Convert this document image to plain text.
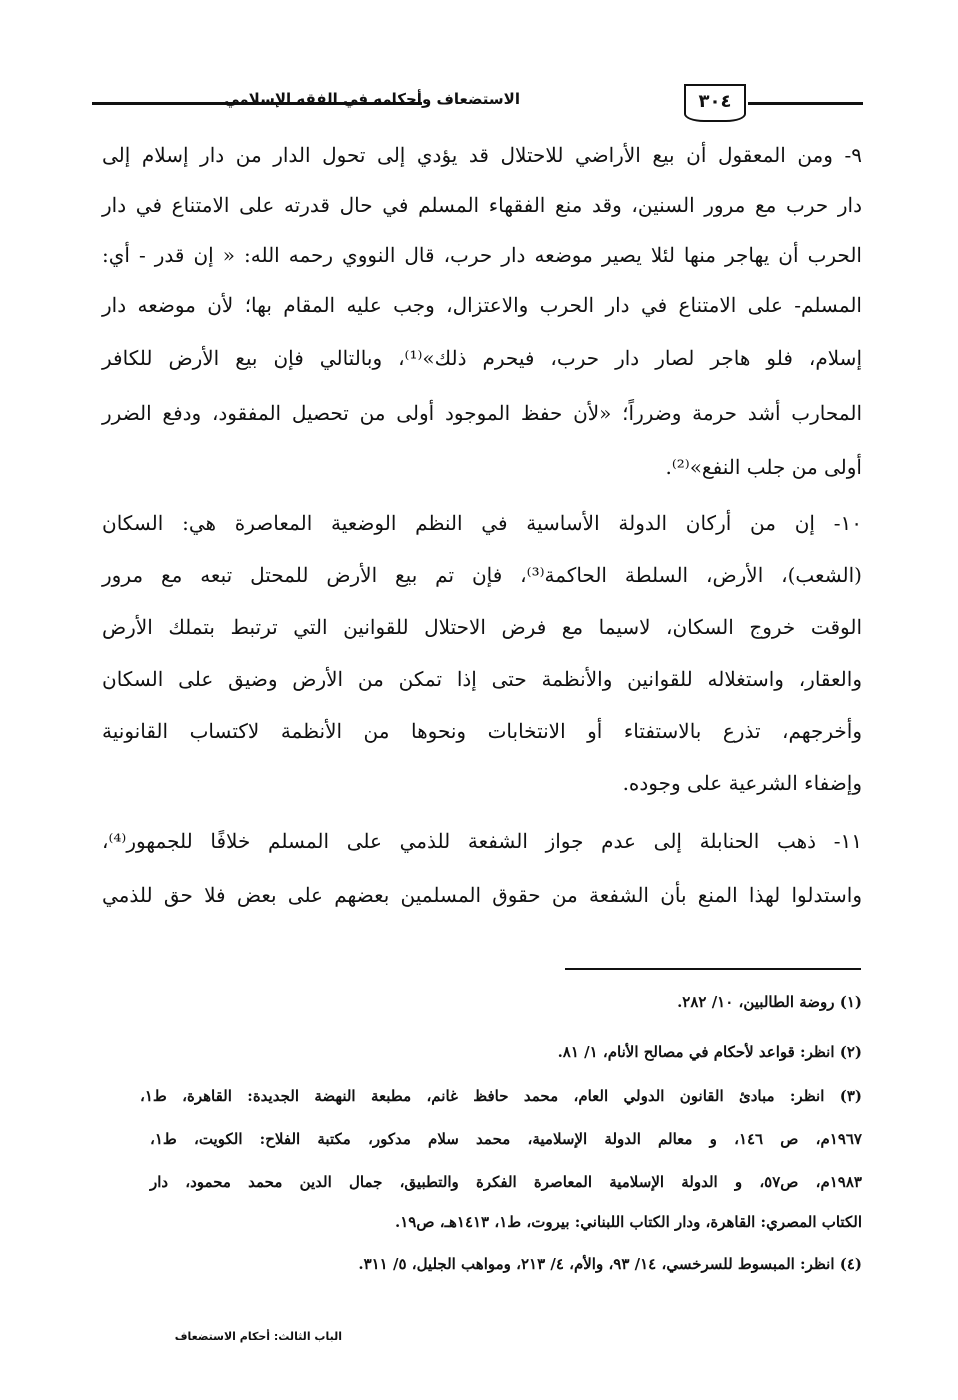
الاستضعاف وأحكامه في الفقه الإسلامي	٣٠٤
٩- ومن المعقول أن بيع الأراضي للاحتلال قد يؤدي إلى تحول الدار من دار إسلام إلى
دار حرب مع مرور السنين، وقد منع الفقهاء المسلم في حال قدرته على الامتناع في دار
الحرب أن يهاجر منها لئلا يصير موضعه دار حرب، قال النووي رحمه الله: « إن قدر - أي:
المسلم- على الامتناع في دار الحرب والاعتزال، وجب عليه المقام بها؛ لأن موضعه دار
إسلام، فلو هاجر لصار دار حرب، فيحرم ذلك»⁽¹⁾، وبالتالي فإن بيع الأرض للكافر
المحارب أشد حرمة وضرراً؛ «لأن حفظ الموجود أولى من تحصيل المفقود، ودفع الضرر
أولى من جلب النفع»⁽²⁾.
١٠- إن من أركان الدولة الأساسية في النظم الوضعية المعاصرة هي: السكان
(الشعب)، الأرض، السلطة الحاكمة⁽³⁾، فإن تم بيع الأرض للمحتل تبعه مع مرور
الوقت خروج السكان، لاسيما مع فرض الاحتلال للقوانين التي ترتبط بتملك الأرض
والعقار، واستغلاله للقوانين والأنظمة حتى إذا تمكن من الأرض وضيق على السكان
وأخرجهم، تذرع بالاستفتاء أو الانتخابات ونحوها من الأنظمة لاكتساب القانونية
وإضفاء الشرعية على وجوده.
١١- ذهب الحنابلة إلى عدم جواز الشفعة للذمي على المسلم خلافًا للجمهور⁽⁴⁾،
واستدلوا لهذا المنع بأن الشفعة من حقوق المسلمين بعضهم على بعض فلا حق للذمي
(١) روضة الطالبين، ١٠/ ٢٨٢.
(٢) انظر: قواعد لأحكام في مصالح الأنام، ١/ ٨١.
(٣) انظر: مبادئ القانون الدولي العام، محمد حافظ غانم، مطبعة النهضة الجديدة: القاهرة، ط١،
١٩٦٧م، ص ١٤٦، و معالم الدولة الإسلامية، محمد سلام مدكور، مكتبة الفلاح: الكويت، ط١،
١٩٨٣م، ص٥٧، و الدولة الإسلامية المعاصرة الفكرة والتطبيق، جمال الدين محمد محمود، دار
الكتاب المصري: القاهرة، ودار الكتاب اللبناني: بيروت، ط١، ١٤١٣هـ، ص١٩.
(٤) انظر: المبسوط للسرخسي، ١٤/ ٩٣، والأم، ٤/ ٢١٣، ومواهب الجليل، ٥/ ٣١١.
الباب الثالث: أحكام الاستضعاف
